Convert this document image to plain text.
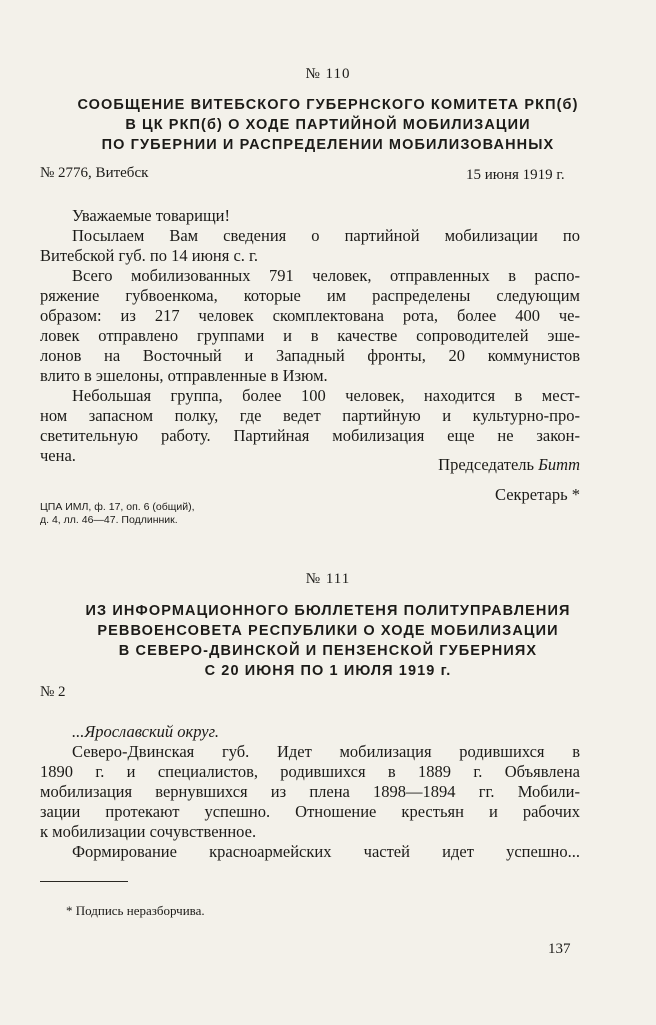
№ 110
СООБЩЕНИЕ ВИТЕБСКОГО ГУБЕРНСКОГО КОМИТЕТА РКП(б)
В ЦК РКП(б) О ХОДЕ ПАРТИЙНОЙ МОБИЛИЗАЦИИ
ПО ГУБЕРНИИ И РАСПРЕДЕЛЕНИИ МОБИЛИЗОВАННЫХ
№ 2776, Витебск	15 июня 1919 г.
Уважаемые товарищи!
Посылаем Вам сведения о партийной мобилизации по
Витебской губ. по 14 июня с. г.
Всего мобилизованных 791 человек, отправленных в распо-
ряжение губвоенкома, которые им распределены следующим
образом: из 217 человек скомплектована рота, более 400 че-
ловек отправлено группами и в качестве сопроводителей эше-
лонов на Восточный и Западный фронты, 20 коммунистов
влито в эшелоны, отправленные в Изюм.
Небольшая группа, более 100 человек, находится в мест-
ном запасном полку, где ведет партийную и культурно-про-
светительную работу. Партийная мобилизация еще не закон-
чена.	Председатель Битт
Секретарь *
ЦПА ИМЛ, ф. 17, оп. 6 (общий),
д. 4, лл. 46—47. Подлинник.
№ 111
ИЗ ИНФОРМАЦИОННОГО БЮЛЛЕТЕНЯ ПОЛИТУПРАВЛЕНИЯ
РЕВВОЕНСОВЕТА РЕСПУБЛИКИ О ХОДЕ МОБИЛИЗАЦИИ
В СЕВЕРО-ДВИНСКОЙ И ПЕНЗЕНСКОЙ ГУБЕРНИЯХ
С 20 ИЮНЯ ПО 1 ИЮЛЯ 1919 г.
№ 2
...Ярославский округ.
Северо-Двинская губ. Идет мобилизация родившихся в
1890 г. и специалистов, родившихся в 1889 г. Объявлена
мобилизация вернувшихся из плена 1898—1894 гг. Мобили-
зации протекают успешно. Отношение крестьян и рабочих
к мобилизации сочувственное.
Формирование красноармейских частей идет успешно...
* Подпись неразборчива.
137
